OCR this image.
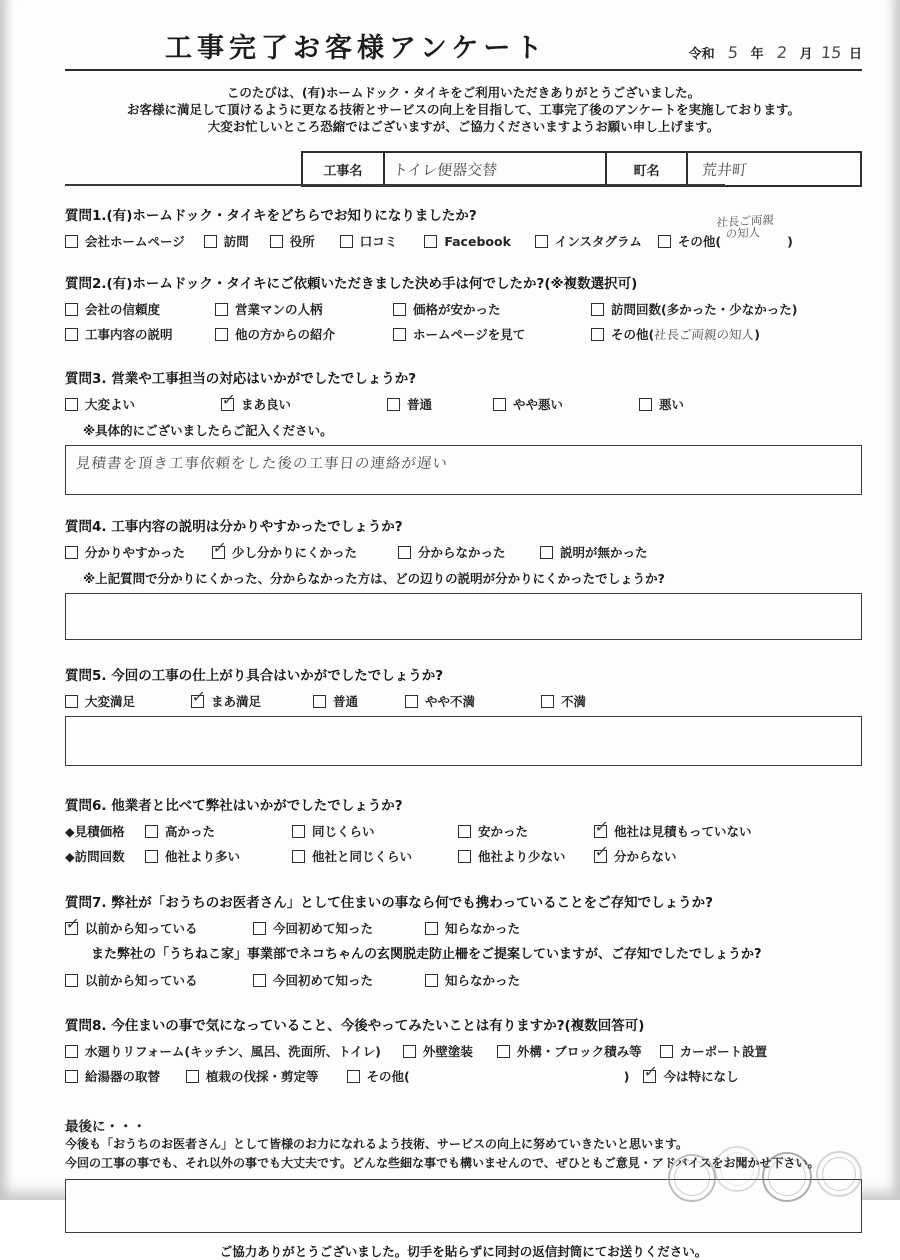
工事完了お客様アンケート	令和 5 年 2 月 15 日
このたびは、(有)ホームドック・タイキをご利用いただきありがとうございました。
お客様に満足して頂けるように更なる技術とサービスの向上を目指して、工事完了後のアンケートを実施しております。
大変お忙しいところ恐縮ではございますが、ご協力くださいますようお願い申し上げます。
工事名	トイレ便器交替	町名	荒井町
質問1.(有)ホームドック・タイキをどちらでお知りになりましたか?
会社ホームページ	訪問	役所	口コミ	Facebook	インスタグラム	その他(
社長ご両親
の知人	)
質問2.(有)ホームドック・タイキにご依頼いただきました決め手は何でしたか?(※複数選択可)
会社の信頼度	営業マンの人柄	価格が安かった	訪問回数(多かった・少なかった)
工事内容の説明	他の方からの紹介	ホームページを見て	その他( 社長ご両親の知人 )
質問3. 営業や工事担当の対応はいかがでしたでしょうか?
大変よい	✓ まあ良い	普通	やや悪い	悪い
※具体的にございましたらご記入ください。
見積書を頂き工事依頼をした後の工事日の連絡が遅い
質問4. 工事内容の説明は分かりやすかったでしょうか?
分かりやすかった ✓ 少し分かりにくかった	分からなかった	説明が無かった
※上記質問で分かりにくかった、分からなかった方は、どの辺りの説明が分かりにくかったでしょうか?
質問5. 今回の工事の仕上がり具合はいかがでしたでしょうか?
大変満足	✓ まあ満足	普通	やや不満	不満
質問6. 他業者と比べて弊社はいかがでしたでしょうか?
◆見積価格	高かった	同じくらい	安かった	✓ 他社は見積もっていない
◆訪問回数	他社より多い	他社と同じくらい	他社より少ない ✓ 分からない
質問7. 弊社が「おうちのお医者さん」として住まいの事なら何でも携わっていることをご存知でしょうか?
✓ 以前から知っている	今回初めて知った	知らなかった
また弊社の「うちねこ家」事業部でネコちゃんの玄関脱走防止柵をご提案していますが、ご存知でしたでしょうか?
以前から知っている	今回初めて知った	知らなかった
質問8. 今住まいの事で気になっていること、今後やってみたいことは有りますか?(複数回答可)
水廻りリフォーム(キッチン、風呂、洗面所、トイレ)	外壁塗装	外構・ブロック積み等	カーポート設置
給湯器の取替	植栽の伐採・剪定等	その他(	) ✓ 今は特になし
最後に・・・
今後も「おうちのお医者さん」として皆様のお力になれるよう技術、サービスの向上に努めていきたいと思います。
今回の工事の事でも、それ以外の事でも大丈夫です。どんな些細な事でも構いませんので、ぜひともご意見・アドバイスをお聞かせ下さい。
ご協力ありがとうございました。切手を貼らずに同封の返信封筒にてお送りください。
